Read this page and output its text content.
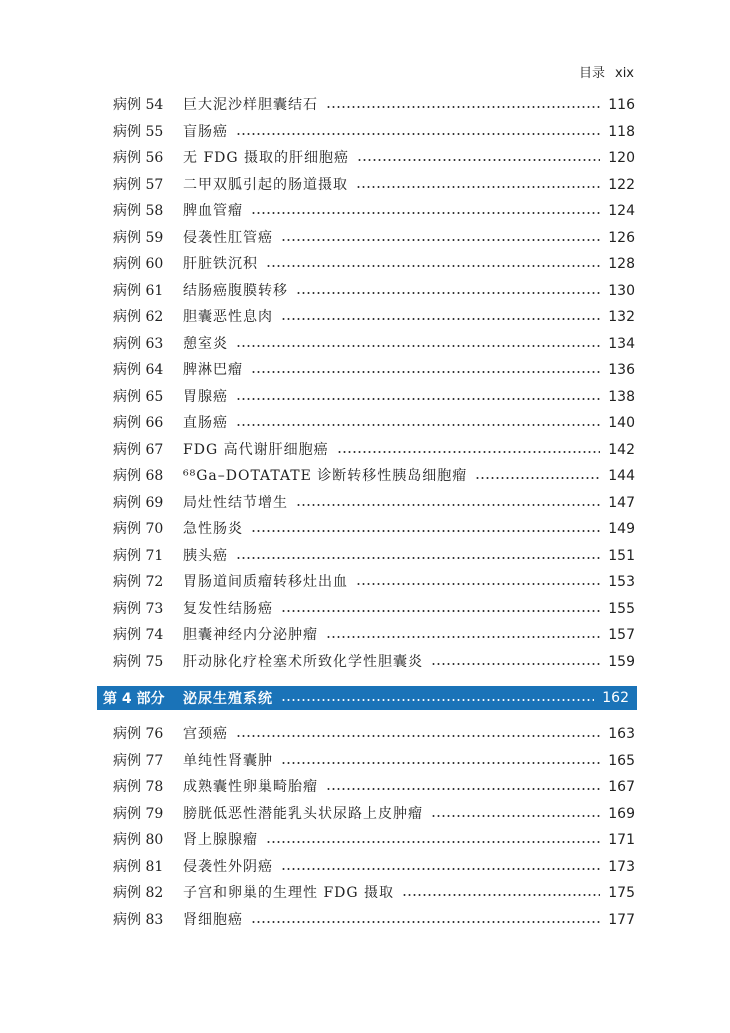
目录 xix
病例 54	巨大泥沙样胆囊结石	116
病例 55	盲肠癌	118
病例 56	无 FDG 摄取的肝细胞癌	120
病例 57	二甲双胍引起的肠道摄取	122
病例 58	脾血管瘤	124
病例 59	侵袭性肛管癌	126
病例 60	肝脏铁沉积	128
病例 61	结肠癌腹膜转移	130
病例 62	胆囊恶性息肉	132
病例 63	憩室炎	134
病例 64	脾淋巴瘤	136
病例 65	胃腺癌	138
病例 66	直肠癌	140
病例 67	FDG 高代谢肝细胞癌	142
病例 68	⁶⁸Ga–DOTATATE 诊断转移性胰岛细胞瘤	144
病例 69	局灶性结节增生	147
病例 70	急性肠炎	149
病例 71	胰头癌	151
病例 72	胃肠道间质瘤转移灶出血	153
病例 73	复发性结肠癌	155
病例 74	胆囊神经内分泌肿瘤	157
病例 75	肝动脉化疗栓塞术所致化学性胆囊炎	159
第 4 部分	泌尿生殖系统	162
病例 76	宫颈癌	163
病例 77	单纯性肾囊肿	165
病例 78	成熟囊性卵巢畸胎瘤	167
病例 79	膀胱低恶性潜能乳头状尿路上皮肿瘤	169
病例 80	肾上腺腺瘤	171
病例 81	侵袭性外阴癌	173
病例 82	子宫和卵巢的生理性 FDG 摄取	175
病例 83	肾细胞癌	177
